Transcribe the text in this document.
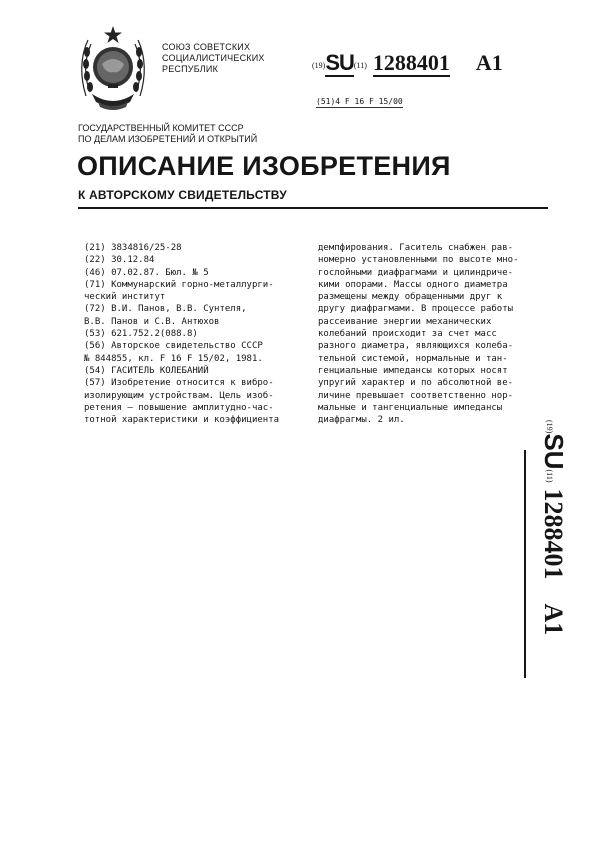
СОЮЗ СОВЕТСКИХ
СОЦИАЛИСТИЧЕСКИХ
РЕСПУБЛИК	(19)SU(11) 1288401 A1
(51)4 F 16 F 15/00
ГОСУДАРСТВЕННЫЙ КОМИТЕТ СССР
ПО ДЕЛАМ ИЗОБРЕТЕНИЙ И ОТКРЫТИЙ
ОПИСАНИЕ ИЗОБРЕТЕНИЯ
К АВТОРСКОМУ СВИДЕТЕЛЬСТВУ
(21) 3834816/25-28
(22) 30.12.84
(46) 07.02.87. Бюл. № 5
(71) Коммунарский горно-металлурги-
ческий институт
(72) В.И. Панов, В.В. Сунтеля,
В.В. Панов и С.В. Антюхов
(53) 621.752.2(088.8)
(56) Авторское свидетельство СССР
№ 844855, кл. F 16 F 15/02, 1981.
(54) ГАСИТЕЛЬ КОЛЕБАНИЙ
(57) Изобретение относится к вибро-
изолирующим устройствам. Цель изоб-
ретения – повышение амплитудно-час-
тотной характеристики и коэффициента
демпфирования. Гаситель снабжен рав-
номерно установленными по высоте мно-
гослойными диафрагмами и цилиндриче-
кими опорами. Массы одного диаметра
размещены между обращенными друг к
другу диафрагмами. В процессе работы
рассеивание энергии механических
колебаний происходит за счет масс
разного диаметра, являющихся колеба-
тельной системой, нормальные и тан-
генциальные импедансы которых носят
упругий характер и по абсолютной ве-
личине превышает соответственно нор-
мальные и тангенциальные импедансы
диафрагмы. 2 ил.	(19)SU(11)1288401A1
